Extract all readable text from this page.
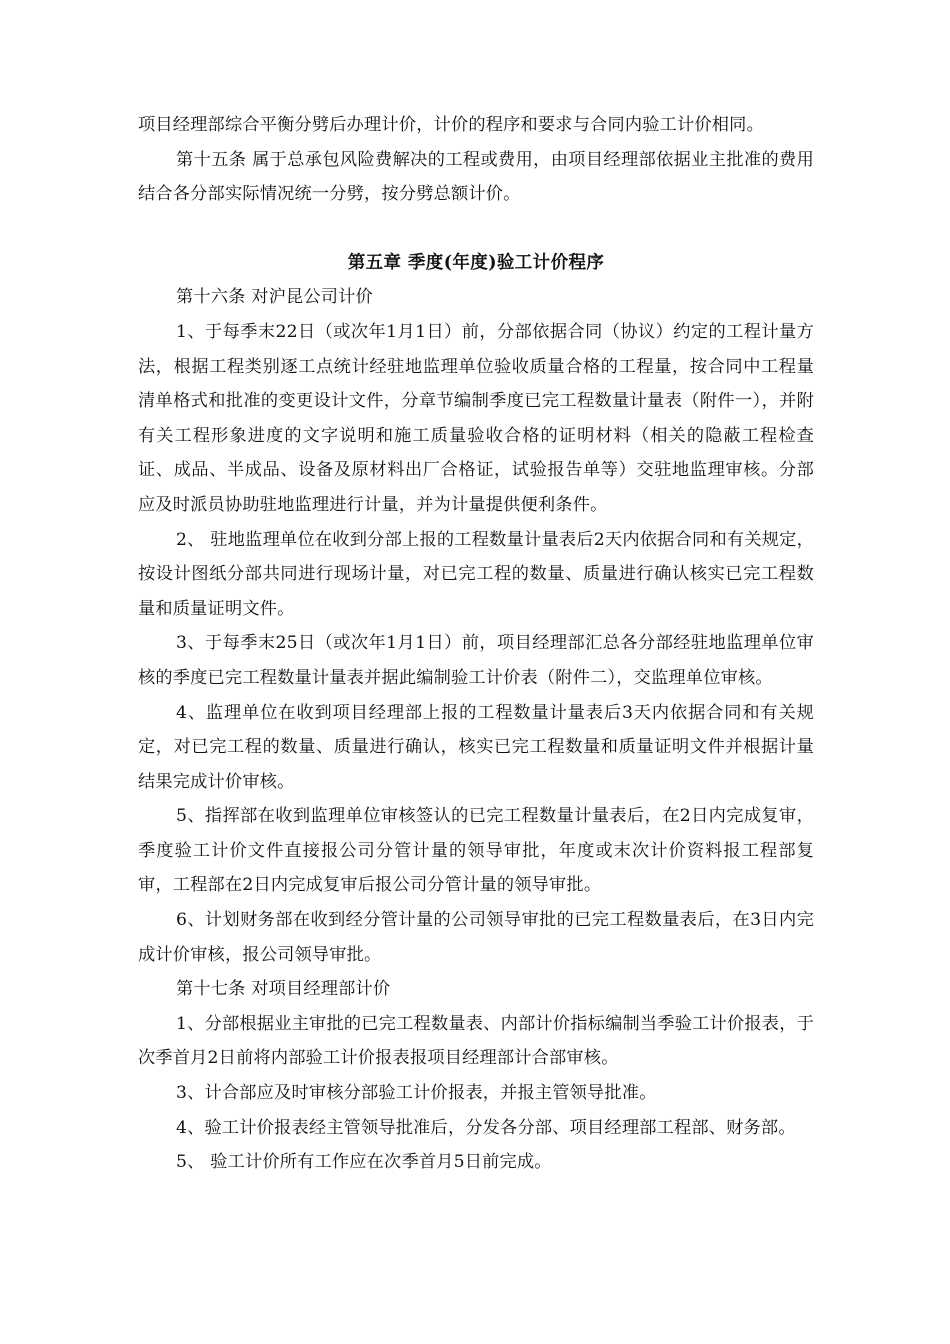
项目经理部综合平衡分劈后办理计价，计价的程序和要求与合同内验工计价相同。

第十五条 属于总承包风险费解决的工程或费用，由项目经理部依据业主批准的费用结合各分部实际情况统一分劈，按分劈总额计价。

第五章 季度(年度)验工计价程序

第十六条 对沪昆公司计价

1、于每季末22日（或次年1月1日）前，分部依据合同（协议）约定的工程计量方法，根据工程类别逐工点统计经驻地监理单位验收质量合格的工程量，按合同中工程量清单格式和批准的变更设计文件，分章节编制季度已完工程数量计量表（附件一），并附有关工程形象进度的文字说明和施工质量验收合格的证明材料（相关的隐蔽工程检查证、成品、半成品、设备及原材料出厂合格证，试验报告单等）交驻地监理审核。分部应及时派员协助驻地监理进行计量，并为计量提供便利条件。

2、 驻地监理单位在收到分部上报的工程数量计量表后2天内依据合同和有关规定，按设计图纸分部共同进行现场计量，对已完工程的数量、质量进行确认核实已完工程数量和质量证明文件。

3、于每季末25日（或次年1月1日）前，项目经理部汇总各分部经驻地监理单位审核的季度已完工程数量计量表并据此编制验工计价表（附件二），交监理单位审核。

4、监理单位在收到项目经理部上报的工程数量计量表后3天内依据合同和有关规定，对已完工程的数量、质量进行确认，核实已完工程数量和质量证明文件并根据计量结果完成计价审核。

5、指挥部在收到监理单位审核签认的已完工程数量计量表后，在2日内完成复审，季度验工计价文件直接报公司分管计量的领导审批，年度或末次计价资料报工程部复审，工程部在2日内完成复审后报公司分管计量的领导审批。

6、计划财务部在收到经分管计量的公司领导审批的已完工程数量表后，在3日内完成计价审核，报公司领导审批。

第十七条 对项目经理部计价

1、分部根据业主审批的已完工程数量表、内部计价指标编制当季验工计价报表，于次季首月2日前将内部验工计价报表报项目经理部计合部审核。

3、计合部应及时审核分部验工计价报表，并报主管领导批准。

4、验工计价报表经主管领导批准后，分发各分部、项目经理部工程部、财务部。

5、 验工计价所有工作应在次季首月5日前完成。
